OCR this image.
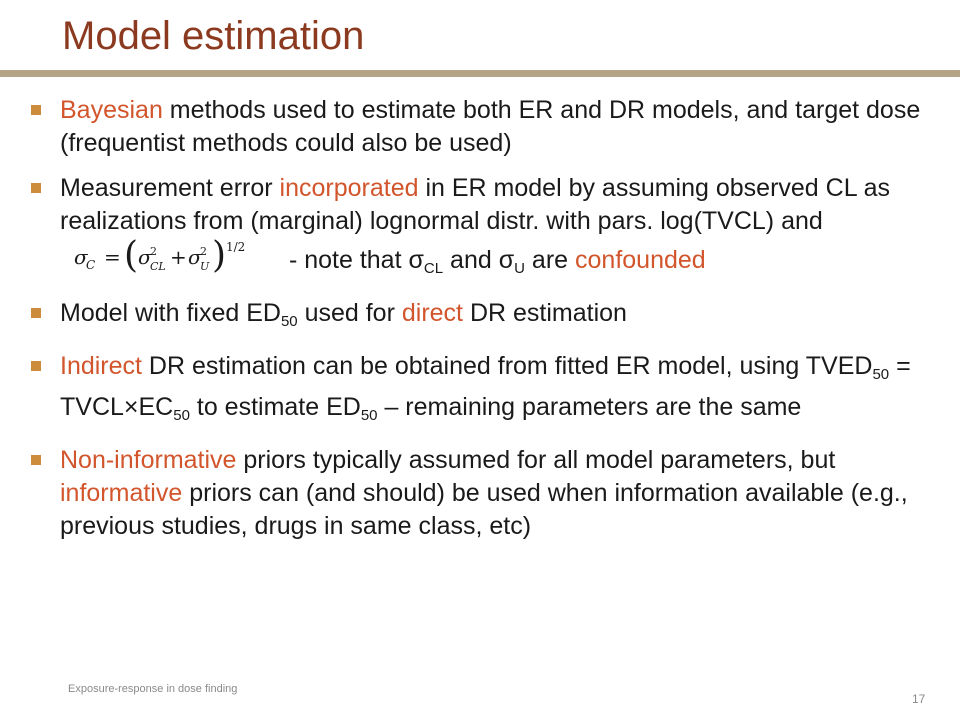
Model estimation
Bayesian methods used to estimate both ER and DR models, and target dose (frequentist methods could also be used)
Measurement error incorporated in ER model by assuming observed CL as realizations from (marginal) lognormal distr. with pars. log(TVCL) and
σ
C = ( σ
2
CL + σ
2
U ) 1/2 - note that $\sigma_{CL}$ and $\sigma_U$ are confounded
Model with fixed $ED_{50}$ used for direct DR estimation
Indirect DR estimation can be obtained from fitted ER model, using $TVED_{50}$ = $TVCL\times EC_{50}$ to estimate $ED_{50}$ – remaining parameters are the same
Non-informative priors typically assumed for all model parameters, but informative priors can (and should) be used when information available (e.g., previous studies, drugs in same class, etc)
Exposure-response in dose finding
17
